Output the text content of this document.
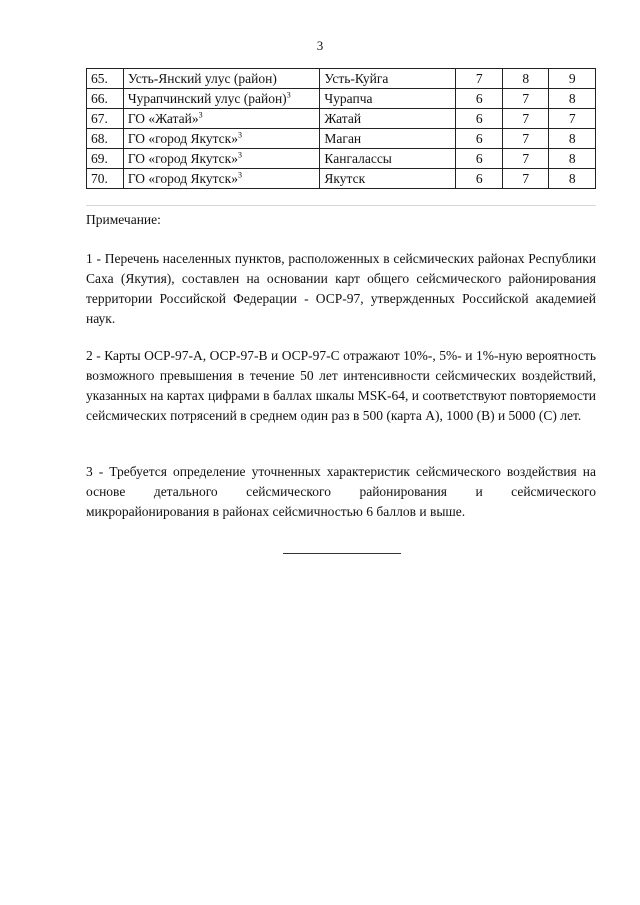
3
65.	Усть-Янский улус (район)	Усть-Куйга	7	8	9
66.	Чурапчинский улус (район)$^3$	Чурапча	6	7	8
67.	ГО «Жатай»$^3$	Жатай	6	7	7
68.	ГО «город Якутск»$^3$	Маган	6	7	8
69.	ГО «город Якутск»$^3$	Кангалассы	6	7	8
70.	ГО «город Якутск»$^3$	Якутск	6	7	8
Примечание:
1 - Перечень населенных пунктов, расположенных в сейсмических районах Республики Саха (Якутия), составлен на основании карт общего сейсмического районирования территории Российской Федерации - ОСР-97, утвержденных Российской академией наук.
2 - Карты ОСР-97-А, ОСР-97-В и ОСР-97-С отражают 10%-, 5%- и 1%-ную вероятность возможного превышения в течение 50 лет интенсивности сейсмических воздействий, указанных на картах цифрами в баллах шкалы MSK-64, и соответствуют повторяемости сейсмических потрясений в среднем один раз в 500 (карта А), 1000 (В) и 5000 (С) лет.
3 - Требуется определение уточненных характеристик сейсмического воздействия на основе детального сейсмического районирования и сейсмического микрорайонирования в районах сейсмичностью 6 баллов и выше.
